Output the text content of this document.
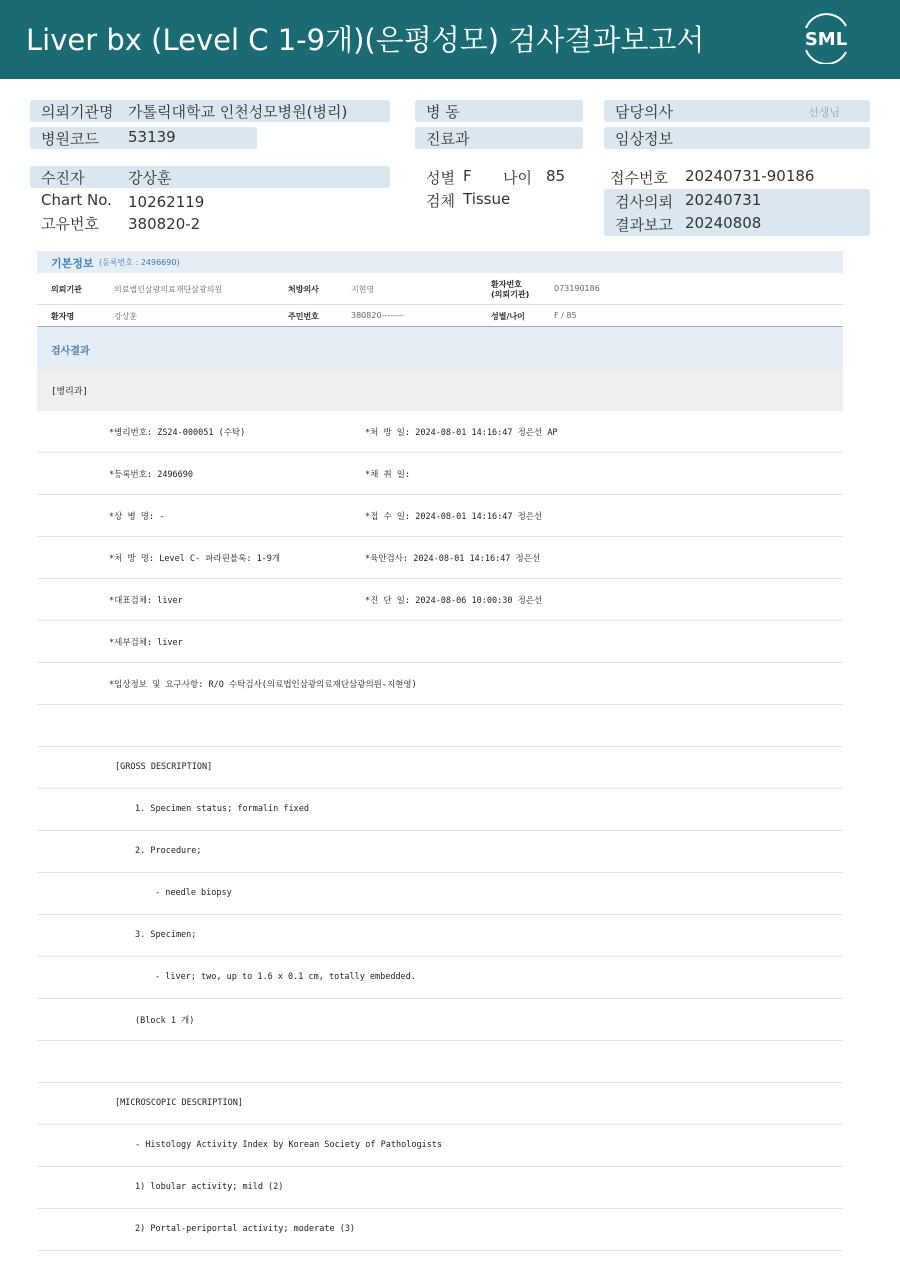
Liver bx (Level C 1-9개)(은평성모) 검사결과보고서	SML
의뢰기관명 가톨릭대학교 인천성모병원(병리)
병원코드 53139
수진자	강상훈
Chart No. 10262119
고유번호 380820-2
병 동
진료과
성별 F 나이 85
검체 Tissue
담당의사	선생님
임상정보
접수번호 20240731-90186
검사의뢰 20240731
결과보고 20240808
기본정보 (등록번호 : 2496690)
의뢰기관	의료법인삼광의료재단삼광의원	처방의사	지현영
환자번호
(의뢰기관)
073190186
환자명	강상훈	주민번호	380820--------	성별/나이	F / 85
검사결과
[병리과]
*병리번호: ZS24-000051 (수탁)	*처 방 일: 2024-08-01 14:16:47 정은선 AP
*등록번호: 2496690	*채 취 일:
*상 병 명: -	*접 수 일: 2024-08-01 14:16:47 정은선
*처 방 명: Level C- 파라핀블록: 1-9개	*육안검사: 2024-08-01 14:16:47 정은선
*대표검체: liver	*진 단 일: 2024-08-06 10:00:30 정은선
*세부검체: liver
*임상정보 및 요구사항: R/O 수탁검사(의료법인삼광의료재단삼광의원-지현영)
[GROSS DESCRIPTION]
1. Specimen status; formalin fixed
2. Procedure;
- needle biopsy
3. Specimen;
- liver; two, up to 1.6 x 0.1 cm, totally embedded.
(Block 1 개)
[MICROSCOPIC DESCRIPTION]
- Histology Activity Index by Korean Society of Pathologists
1) lobular activity; mild (2)
2) Portal-periportal activity; moderate (3)
